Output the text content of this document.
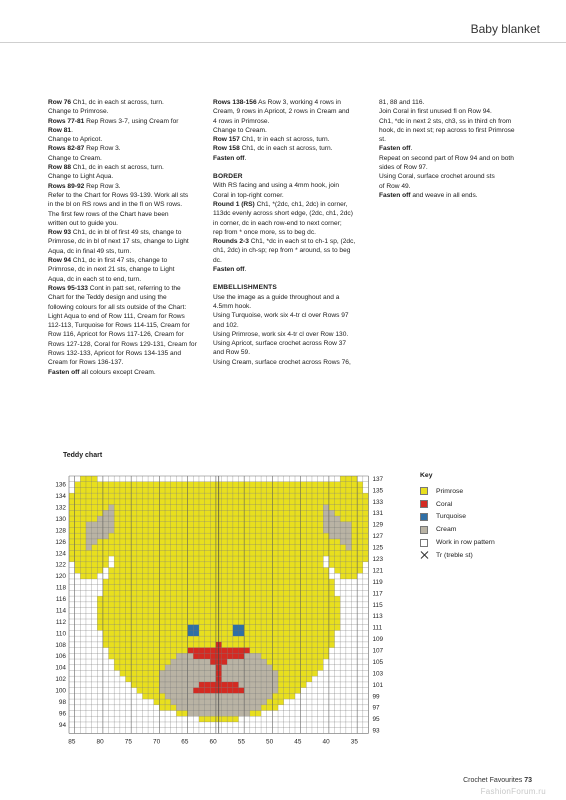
Baby blanket

Row 76 Ch1, dc in each st across, turn.

Change to Primrose.

Rows 77-81 Rep Rows 3-7, using Cream for

Row 81.

Change to Apricot.

Rows 82-87 Rep Row 3.

Change to Cream.

Row 88 Ch1, dc in each st across, turn.

Change to Light Aqua.

Rows 89-92 Rep Row 3.

Refer to the Chart for Rows 93-139. Work all sts

in the bl on RS rows and in the fl on WS rows.

The first few rows of the Chart have been

written out to guide you.

Row 93 Ch1, dc in bl of first 49 sts, change to

Primrose, dc in bl of next 17 sts, change to Light

Aqua, dc in final 49 sts, turn.

Row 94 Ch1, dc in first 47 sts, change to

Primrose, dc in next 21 sts, change to Light

Aqua, dc in each st to end, turn.

Rows 95-133 Cont in patt set, referring to the

Chart for the Teddy design and using the

following colours for all sts outside of the Chart:

Light Aqua to end of Row 111, Cream for Rows

112-113, Turquoise for Rows 114-115, Cream for

Row 116, Apricot for Rows 117-126, Cream for

Rows 127-128, Coral for Rows 129-131, Cream for

Rows 132-133, Apricot for Rows 134-135 and

Cream for Rows 136-137.

Fasten off all colours except Cream.

Rows 138-156 As Row 3, working 4 rows in

Cream, 9 rows in Apricot, 2 rows in Cream and

4 rows in Primrose.

Change to Cream.

Row 157 Ch1, tr in each st across, turn.

Row 158 Ch1, dc in each st across, turn.

Fasten off.

BORDER

With RS facing and using a 4mm hook, join

Coral in top-right corner.

Round 1 (RS) Ch1, *(2dc, ch1, 2dc) in corner,

113dc evenly across short edge, (2dc, ch1, 2dc)

in corner, dc in each row-end to next corner;

rep from * once more, ss to beg dc.

Rounds 2-3 Ch1, *dc in each st to ch-1 sp, (2dc,

ch1, 2dc) in ch-sp; rep from * around, ss to beg

dc.

Fasten off.

EMBELLISHMENTS

Use the image as a guide throughout and a

4.5mm hook.

Using Turquoise, work six 4-tr cl over Rows 97

and 102.

Using Primrose, work six 4-tr cl over Row 130.

Using Apricot, surface crochet across Row 37

and Row 59.

Using Cream, surface crochet across Rows 76,

81, 88 and 116.

Join Coral in first unused fl on Row 94.

Ch1, *dc in next 2 sts, ch3, ss in third ch from

hook, dc in next st; rep across to first Primrose

st.

Fasten off.

Repeat on second part of Row 94 and on both

sides of Row 97.

Using Coral, surface crochet around sts

of Row 49.

Fasten off and weave in all ends.

Teddy chart
85	80	75	70	65	60	55	50	45	40	35
136
134
132
130
128
126
124
122
120
118
116
114
112
110
108
106
104
102
100
98
96
94
137
135
133
131
129
127
125
123
121
119
117
115
113
111
109
107
105
103
101
99
97
95
93
Key
Primrose
Coral
Turquoise
Cream
Work in row pattern
Tr (treble st)
Crochet Favourites 73
FashionForum.ru
